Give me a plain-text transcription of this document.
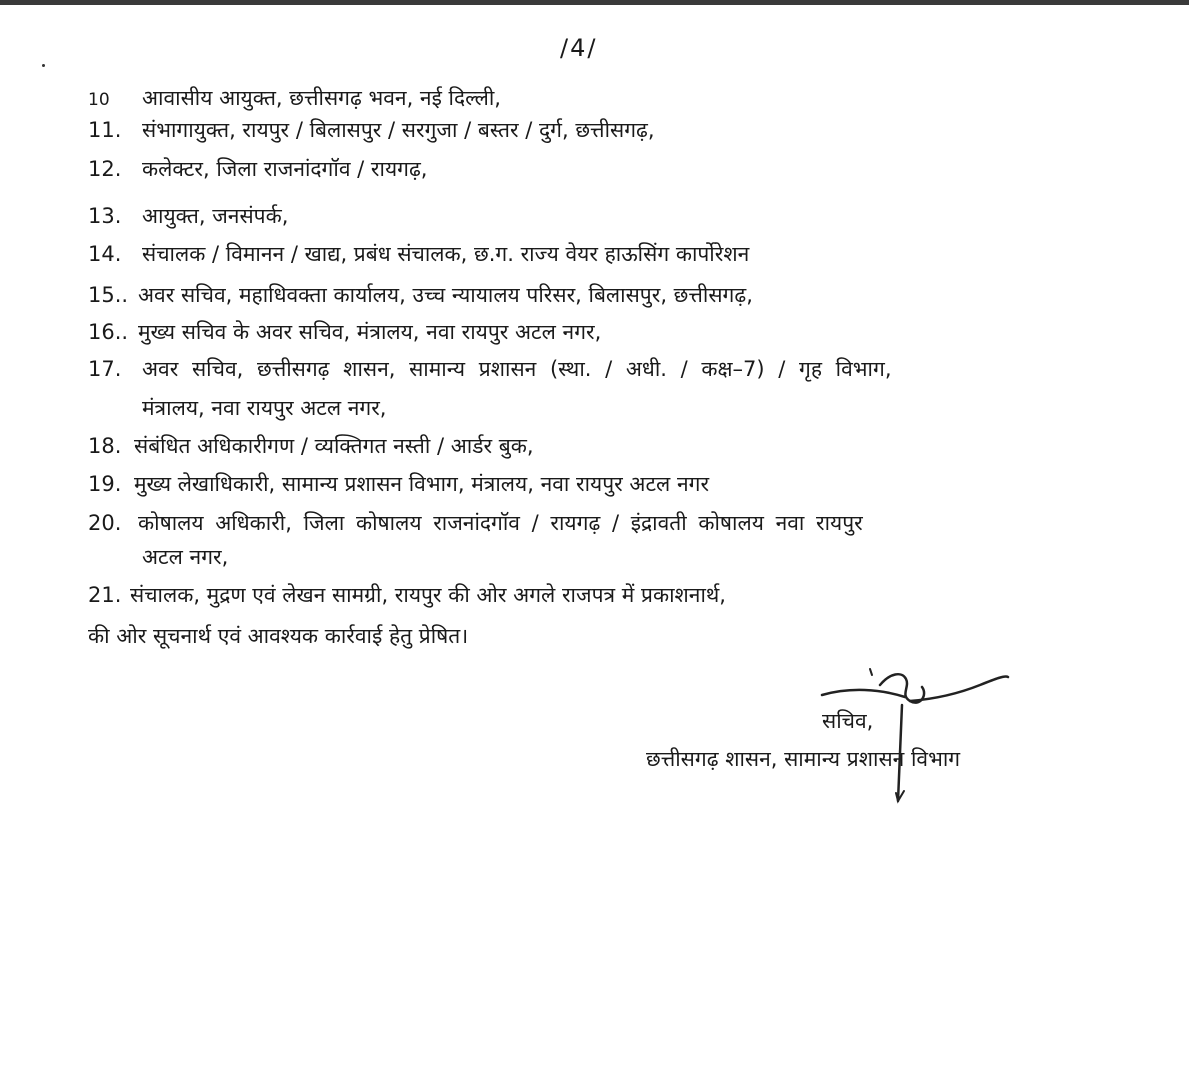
/4/
10 आवासीय आयुक्त, छत्तीसगढ़ भवन, नई दिल्ली,
11. संभागायुक्त, रायपुर / बिलासपुर / सरगुजा / बस्तर / दुर्ग, छत्तीसगढ़,
12. कलेक्टर, जिला राजनांदगॉव / रायगढ़,
13. आयुक्त, जनसंपर्क,
14. संचालक / विमानन / खाद्य, प्रबंध संचालक, छ.ग. राज्य वेयर हाऊसिंग कार्पोरेशन
15.. अवर सचिव, महाधिवक्ता कार्यालय, उच्च न्यायालय परिसर, बिलासपुर, छत्तीसगढ़,
16.. मुख्य सचिव के अवर सचिव, मंत्रालय, नवा रायपुर अटल नगर,
17. अवर सचिव, छत्तीसगढ़ शासन, सामान्य प्रशासन (स्था. / अधी. / कक्ष–7) / गृह विभाग,
मंत्रालय, नवा रायपुर अटल नगर,
18. संबंधित अधिकारीगण / व्यक्तिगत नस्ती / आर्डर बुक,
19. मुख्य लेखाधिकारी, सामान्य प्रशासन विभाग, मंत्रालय, नवा रायपुर अटल नगर
20. कोषालय अधिकारी, जिला कोषालय राजनांदगॉव / रायगढ़ / इंद्रावती कोषालय नवा रायपुर
अटल नगर,
21. संचालक, मुद्रण एवं लेखन सामग्री, रायपुर की ओर अगले राजपत्र में प्रकाशनार्थ,
की ओर सूचनार्थ एवं आवश्यक कार्रवाई हेतु प्रेषित।
सचिव,
छत्तीसगढ़ शासन, सामान्य प्रशासन विभाग
